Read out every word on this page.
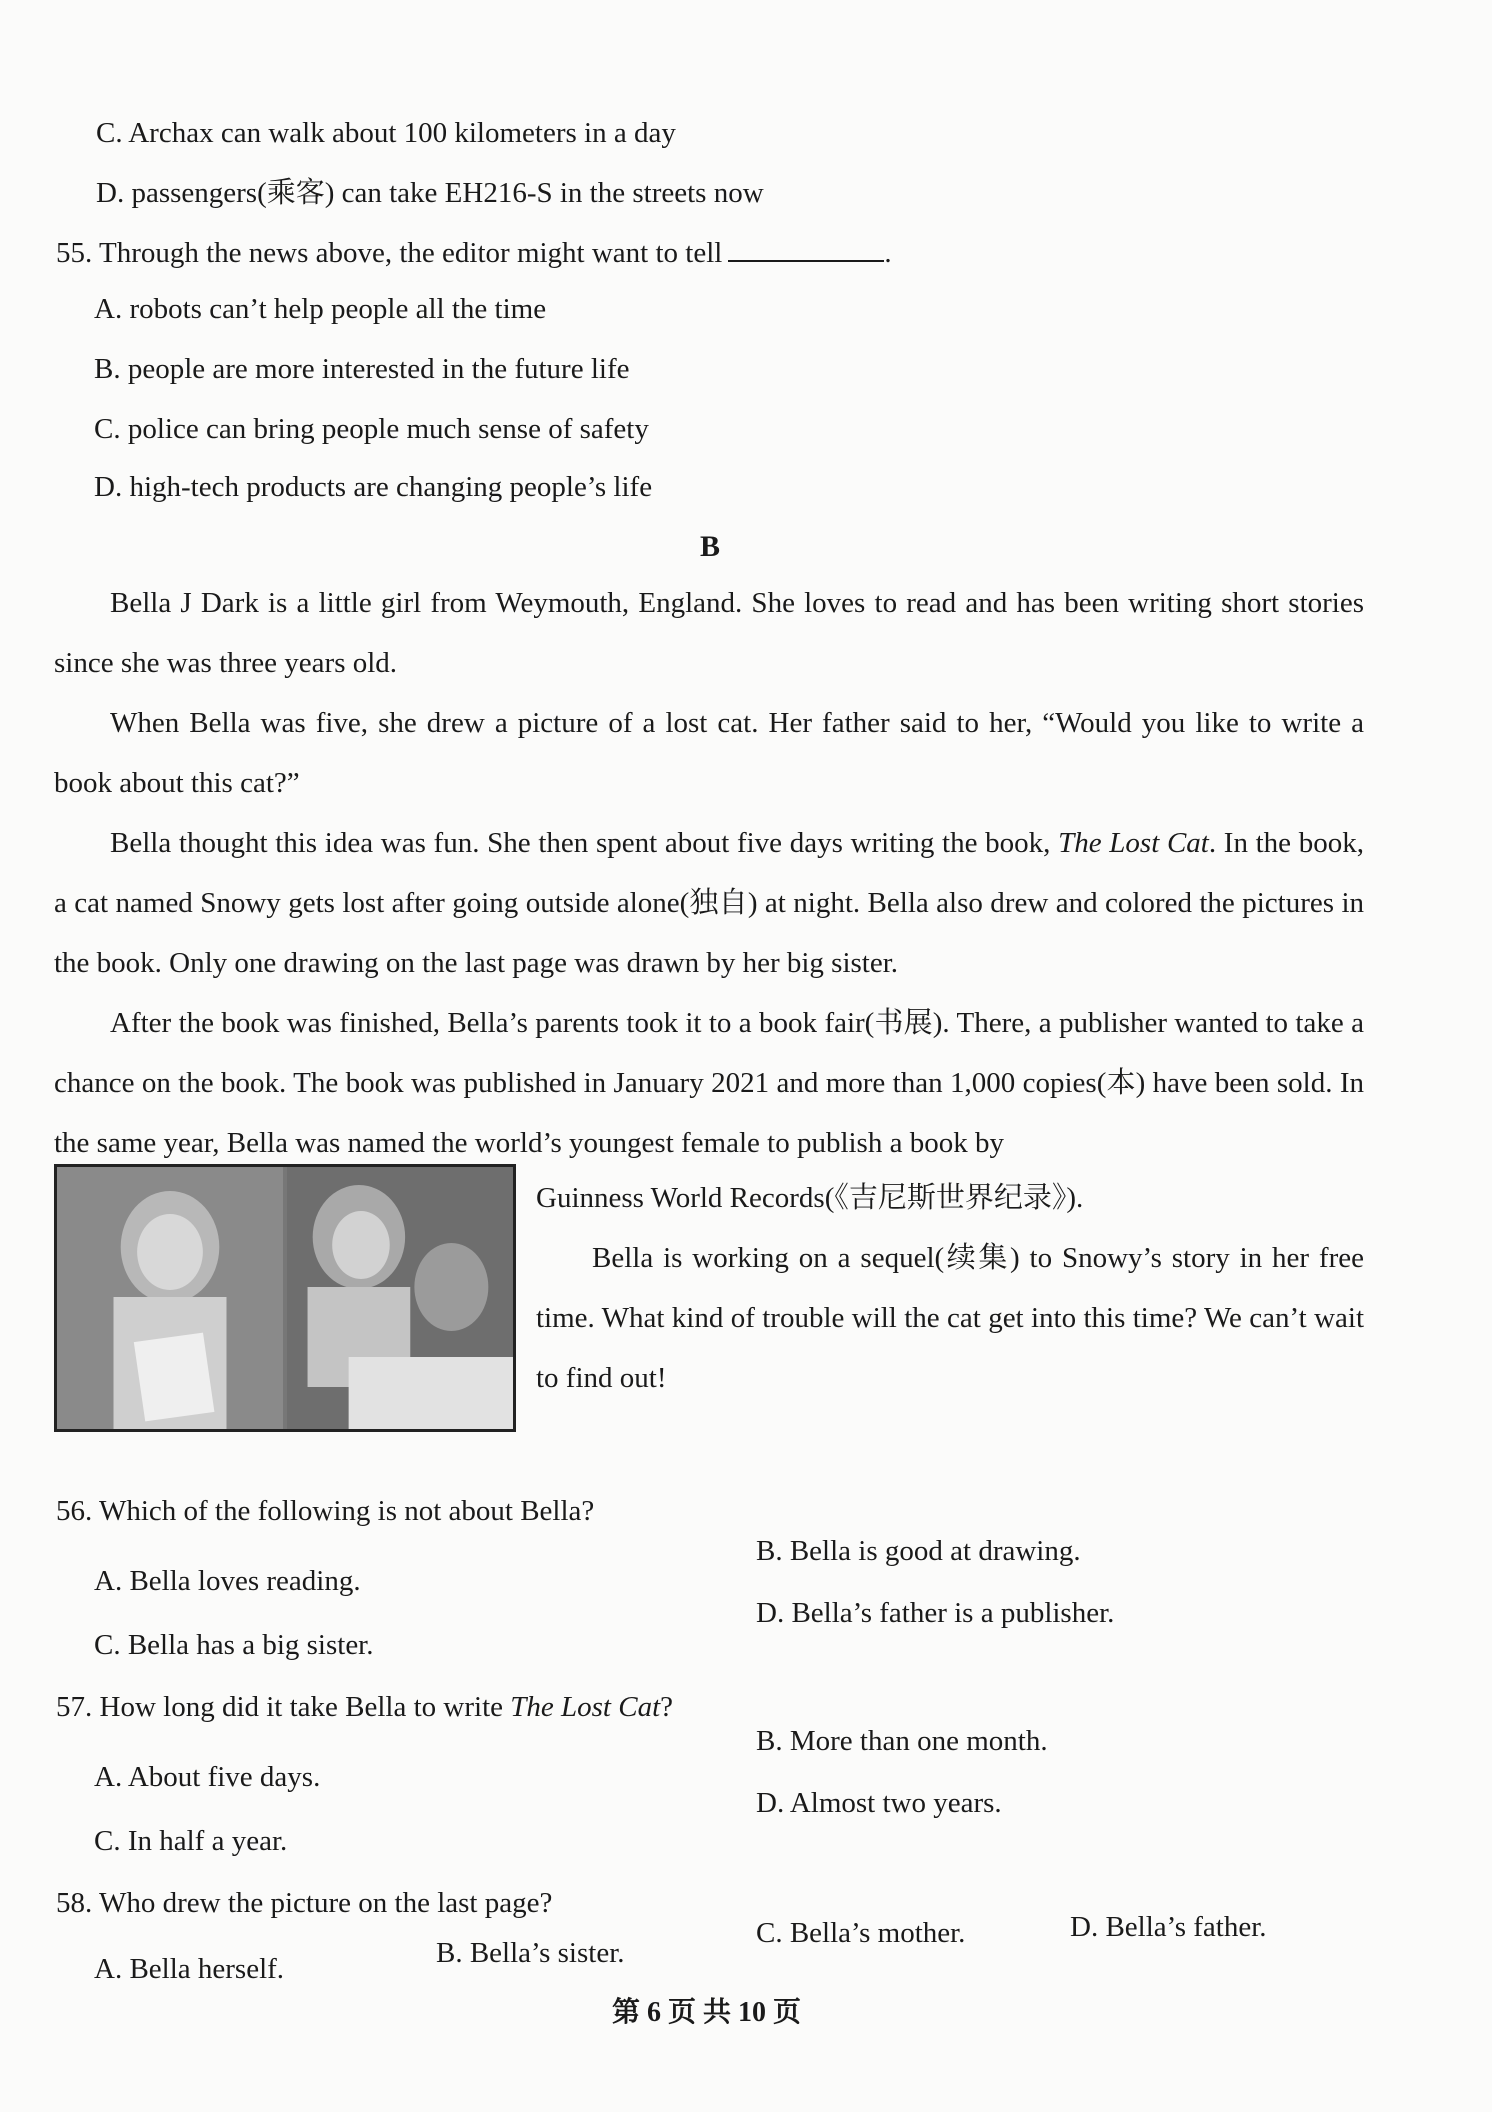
C. Archax can walk about 100 kilometers in a day
D. passengers(乘客) can take EH216-S in the streets now
55. Through the news above, the editor might want to tell	.
A. robots can’t help people all the time
B. people are more interested in the future life
C. police can bring people much sense of safety
D. high-tech products are changing people’s life
B

Bella J Dark is a little girl from Weymouth, England. She loves to read and has been writing short stories since she was three years old.

When Bella was five, she drew a picture of a lost cat. Her father said to her, “Would you like to write a book about this cat?”

Bella thought this idea was fun. She then spent about five days writing the book, The Lost Cat. In the book, a cat named Snowy gets lost after going outside alone(独自) at night. Bella also drew and colored the pictures in the book. Only one drawing on the last page was drawn by her big sister.

After the book was finished, Bella’s parents took it to a book fair(书展). There, a publisher wanted to take a chance on the book. The book was published in January 2021 and more than 1,000 copies(本) have been sold. In the same year, Bella was named the world’s youngest female to publish a book by

Guinness World Records(《吉尼斯世界纪录》).

Bella is working on a sequel(续集) to Snowy’s story in her free time. What kind of trouble will the cat get into this time? We can’t wait to find out!

56. Which of the following is not about Bella?
A. Bella loves reading.
B. Bella is good at drawing.
C. Bella has a big sister.
D. Bella’s father is a publisher.
57. How long did it take Bella to write The Lost Cat?
A. About five days.
B. More than one month.
C. In half a year.
D. Almost two years.
58. Who drew the picture on the last page?
A. Bella herself.	B. Bella’s sister.
C. Bella’s mother.	D. Bella’s father.
第 6 页 共 10 页
